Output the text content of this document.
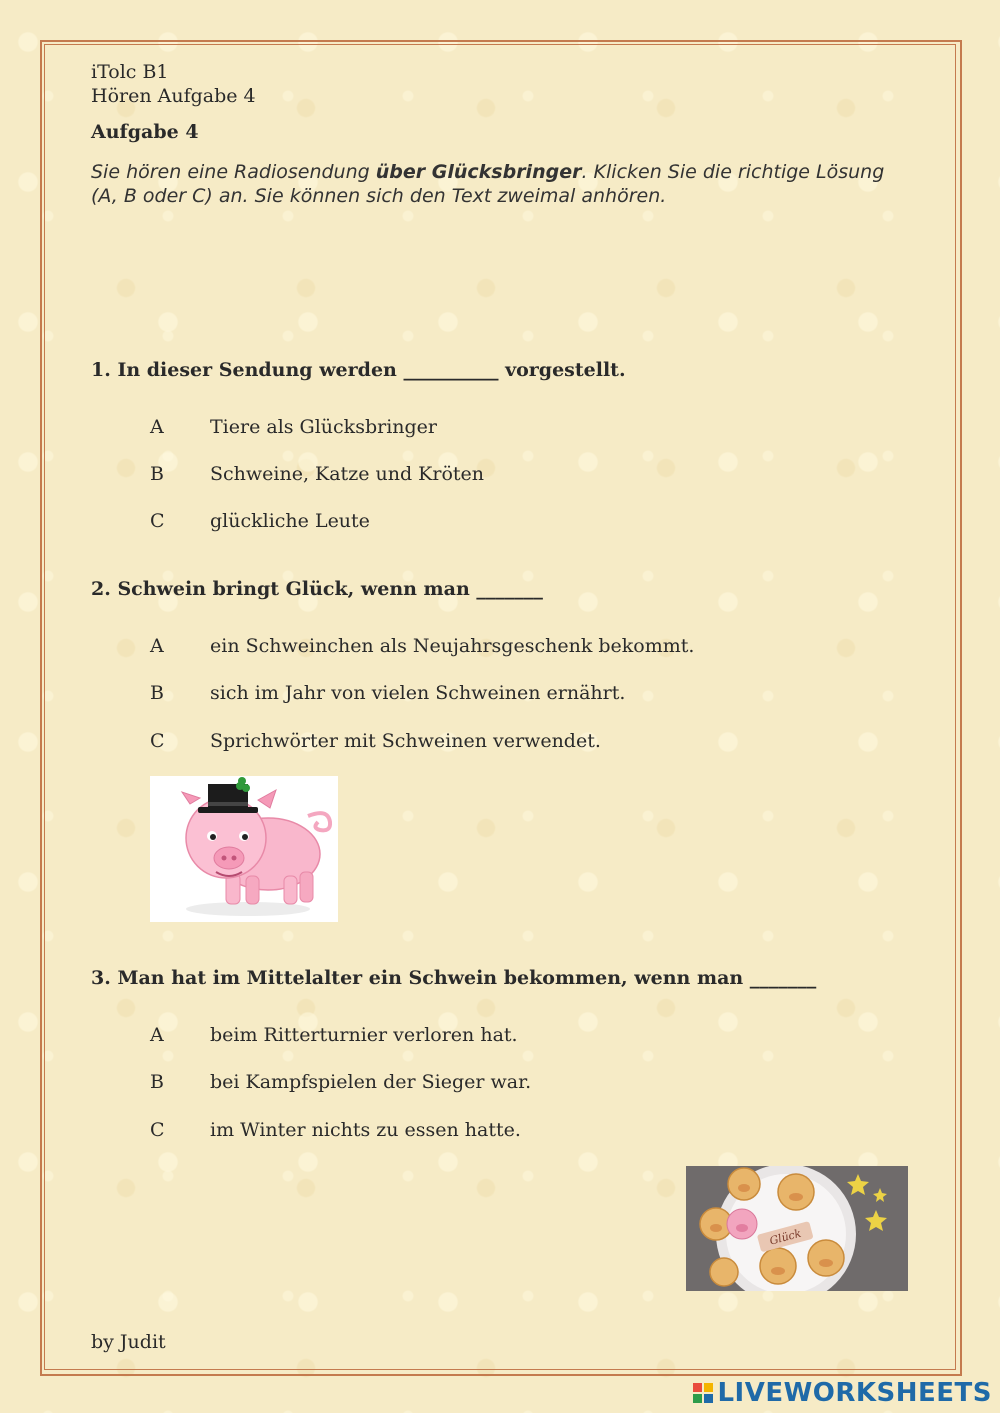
iTolc B1
Hören Aufgabe 4
Aufgabe 4
Sie hören eine Radiosendung über Glücksbringer. Klicken Sie die richtige Lösung (A, B oder C) an. Sie können sich den Text zweimal anhören.
1. In dieser Sendung werden __________ vorgestellt.
A Tiere als Glücksbringer
B Schweine, Katze und Kröten
C glückliche Leute
2. Schwein bringt Glück, wenn man _______
A ein Schweinchen als Neujahrsgeschenk bekommt.
B sich im Jahr von vielen Schweinen ernährt.
C Sprichwörter mit Schweinen verwendet.
3. Man hat im Mittelalter ein Schwein bekommen, wenn man _______
A beim Ritterturnier verloren hat.
B bei Kampfspielen der Sieger war.
C im Winter nichts zu essen hatte.
Glück
by Judit
LIVEWORKSHEETS
